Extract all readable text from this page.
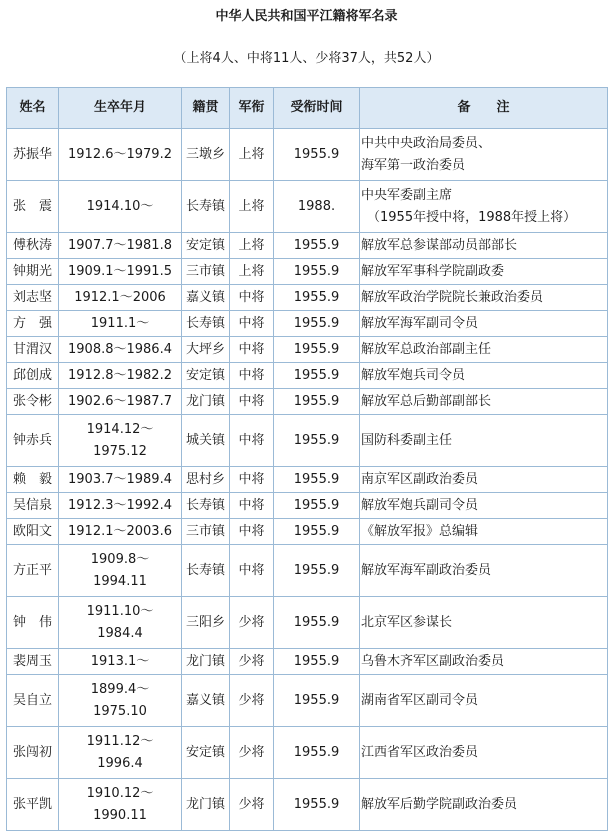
中华人民共和国平江籍将军名录
（上将4人、中将11人、少将37人，共52人）
姓名	生卒年月	籍贯	军衔	受衔时间	备　　注
苏振华	1912.6～1979.2	三墩乡	上将	1955.9	中共中央政治局委员、
海军第一政治委员

张　震	1914.10～	长寿镇	上将	1988.	中央军委副主席
（1955年授中将，1988年授上将）

傅秋涛	1907.7～1981.8	安定镇	上将	1955.9	解放军总参谋部动员部部长

钟期光	1909.1～1991.5	三市镇	上将	1955.9	解放军军事科学院副政委

刘志坚	1912.1～2006	嘉义镇	中将	1955.9	解放军政治学院院长兼政治委员

方　强	1911.1～	长寿镇	中将	1955.9	解放军海军副司令员

甘渭汉	1908.8～1986.4	大坪乡	中将	1955.9	解放军总政治部副主任

邱创成	1912.8～1982.2	安定镇	中将	1955.9	解放军炮兵司令员

张令彬	1902.6～1987.7	龙门镇	中将	1955.9	解放军总后勤部副部长

钟赤兵	1914.12～
1975.12	城关镇	中将	1955.9	国防科委副主任

赖　毅	1903.7～1989.4	思村乡	中将	1955.9	南京军区副政治委员

吴信泉	1912.3～1992.4	长寿镇	中将	1955.9	解放军炮兵副司令员

欧阳文	1912.1～2003.6	三市镇	中将	1955.9	《解放军报》总编辑

方正平	1909.8～
1994.11	长寿镇	中将	1955.9	解放军海军副政治委员

钟　伟	1911.10～
1984.4	三阳乡	少将	1955.9	北京军区参谋长

裴周玉	1913.1～	龙门镇	少将	1955.9	乌鲁木齐军区副政治委员

吴自立	1899.4～
1975.10	嘉义镇	少将	1955.9	湖南省军区副司令员

张闯初	1911.12～
1996.4	安定镇	少将	1955.9	江西省军区政治委员

张平凯	1910.12～
1990.11	龙门镇	少将	1955.9	解放军后勤学院副政治委员
